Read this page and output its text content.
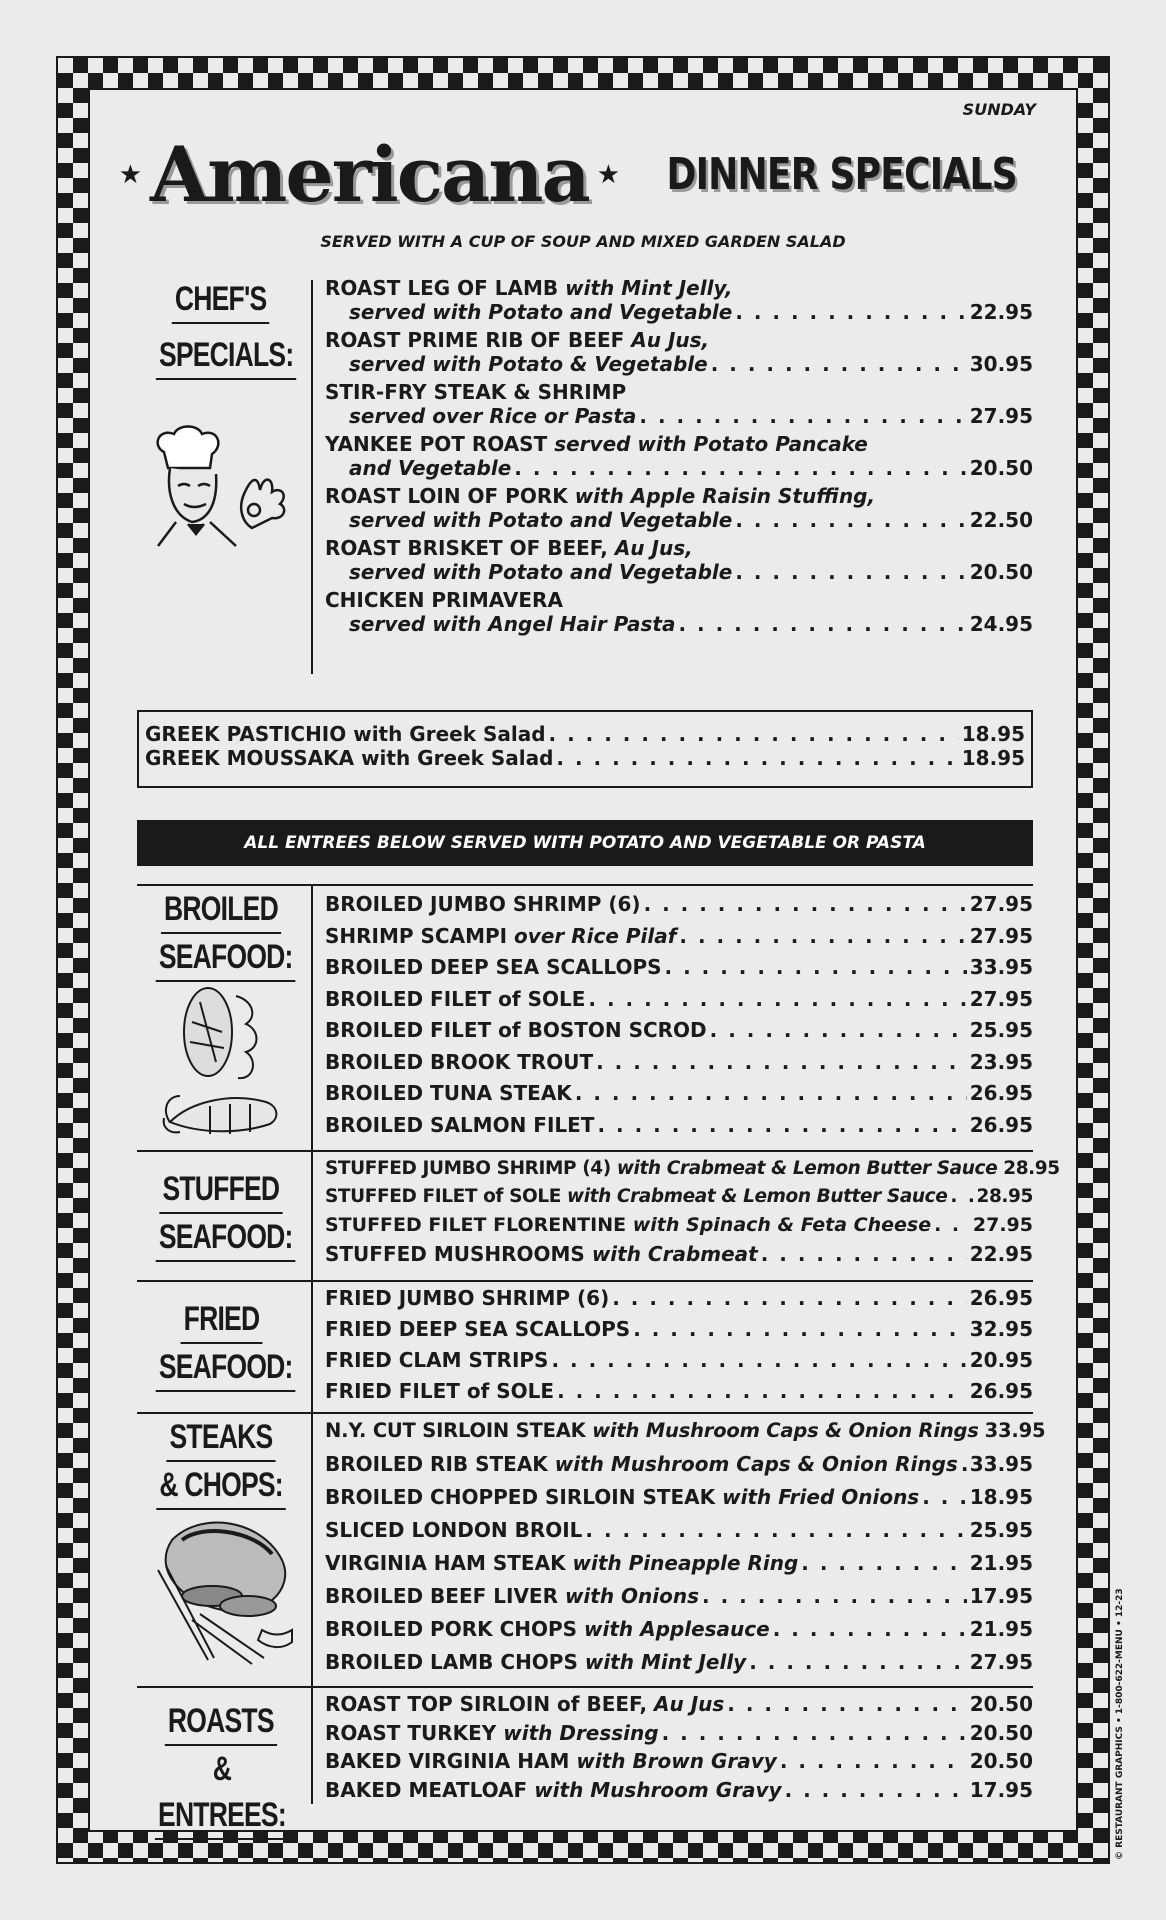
SUNDAY
★ Americana ★ DINNER SPECIALS
SERVED WITH A CUP OF SOUP AND MIXED GARDEN SALAD
CHEF'S
SPECIALS:
ROAST LEG OF LAMB with Mint Jelly,
served with Potato and Vegetable . . .	22.95
ROAST PRIME RIB OF BEEF Au Jus,
served with Potato & Vegetable . . .	30.95
STIR-FRY STEAK & SHRIMP
served over Rice or Pasta . . .	27.95
YANKEE POT ROAST served with Potato Pancake
and Vegetable . . .	20.50
ROAST LOIN OF PORK with Apple Raisin Stuffing,
served with Potato and Vegetable . . .	22.50
ROAST BRISKET OF BEEF, Au Jus,
served with Potato and Vegetable . . .	20.50
CHICKEN PRIMAVERA
served with Angel Hair Pasta . . .	24.95
GREEK PASTICHIO with Greek Salad . . .	18.95
GREEK MOUSSAKA with Greek Salad . . .	18.95
ALL ENTREES BELOW SERVED WITH POTATO AND VEGETABLE OR PASTA
BROILED
SEAFOOD:
BROILED JUMBO SHRIMP (6) . . .	27.95
SHRIMP SCAMPI over Rice Pilaf . . .	27.95
BROILED DEEP SEA SCALLOPS . . .	33.95
BROILED FILET of SOLE . . .	27.95
BROILED FILET of BOSTON SCROD . . .	25.95
BROILED BROOK TROUT . . .	23.95
BROILED TUNA STEAK . . .	26.95
BROILED SALMON FILET . . .	26.95
STUFFED
SEAFOOD:
STUFFED JUMBO SHRIMP (4) with Crabmeat & Lemon Butter Sauce 28.95
STUFFED FILET of SOLE with Crabmeat & Lemon Butter Sauce . . . 28.95
STUFFED FILET FLORENTINE with Spinach & Feta Cheese . . . 27.95
STUFFED MUSHROOMS with Crabmeat . . .	22.95
FRIED
SEAFOOD:
FRIED JUMBO SHRIMP (6) . . .	26.95
FRIED DEEP SEA SCALLOPS . . .	32.95
FRIED CLAM STRIPS . . .	20.95
FRIED FILET of SOLE . . .	26.95
STEAKS
& CHOPS:
N.Y. CUT SIRLOIN STEAK with Mushroom Caps & Onion Rings 33.95
BROILED RIB STEAK with Mushroom Caps & Onion Rings . . . 33.95
BROILED CHOPPED SIRLOIN STEAK with Fried Onions . . .	18.95
SLICED LONDON BROIL . . .	25.95
VIRGINIA HAM STEAK with Pineapple Ring . . .	21.95
BROILED BEEF LIVER with Onions . . .	17.95
BROILED PORK CHOPS with Applesauce . . .	21.95
BROILED LAMB CHOPS with Mint Jelly . . .	27.95
ROASTS
& ENTREES:
ROAST TOP SIRLOIN of BEEF, Au Jus . . .	20.50
ROAST TURKEY with Dressing . . .	20.50
BAKED VIRGINIA HAM with Brown Gravy . . .	20.50
BAKED MEATLOAF with Mushroom Gravy . . .	17.95	© RESTAURANT GRAPHICS • 1-800-622-MENU • 12-23
